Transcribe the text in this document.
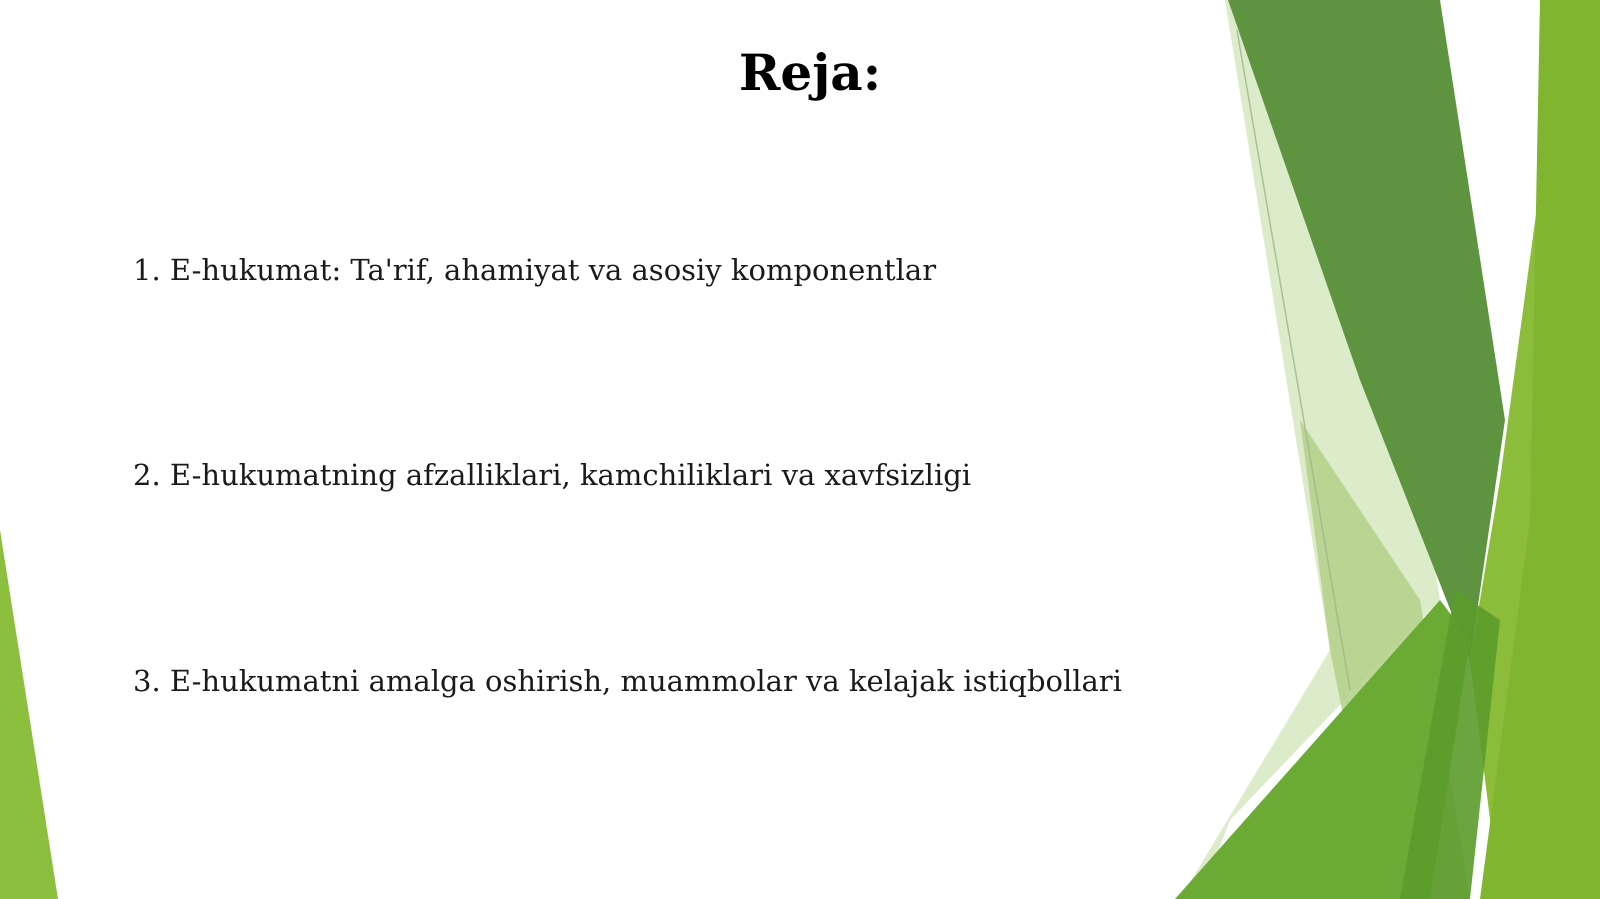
Reja:
1. E-hukumat: Ta'rif, ahamiyat va asosiy komponentlar
2. E-hukumatning afzalliklari, kamchiliklari va xavfsizligi
3. E-hukumatni amalga oshirish, muammolar va kelajak istiqbollari
